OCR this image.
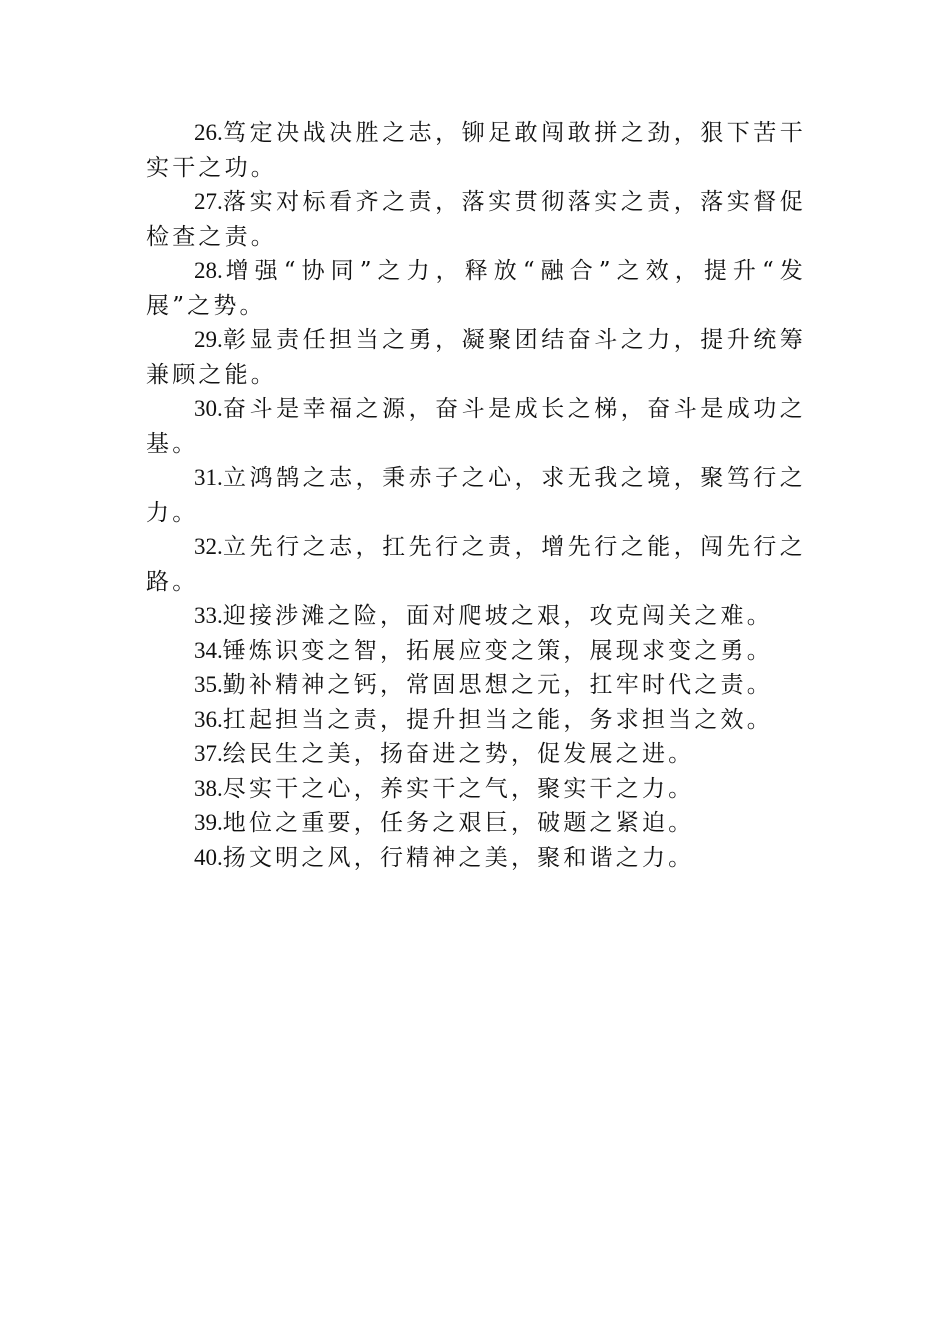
26.笃定决战决胜之志，铆足敢闯敢拼之劲，狠下苦干实干之功。

27.落实对标看齐之责，落实贯彻落实之责，落实督促检查之责。

28.增强“协同”之力，释放“融合”之效，提升“发展”之势。

29.彰显责任担当之勇，凝聚团结奋斗之力，提升统筹兼顾之能。

30.奋斗是幸福之源，奋斗是成长之梯，奋斗是成功之基。

31.立鸿鹄之志，秉赤子之心，求无我之境，聚笃行之力。

32.立先行之志，扛先行之责，增先行之能，闯先行之路。

33.迎接涉滩之险，面对爬坡之艰，攻克闯关之难。

34.锤炼识变之智，拓展应变之策，展现求变之勇。

35.勤补精神之钙，常固思想之元，扛牢时代之责。

36.扛起担当之责，提升担当之能，务求担当之效。

37.绘民生之美，扬奋进之势，促发展之进。

38.尽实干之心，养实干之气，聚实干之力。

39.地位之重要，任务之艰巨，破题之紧迫。

40.扬文明之风，行精神之美，聚和谐之力。
